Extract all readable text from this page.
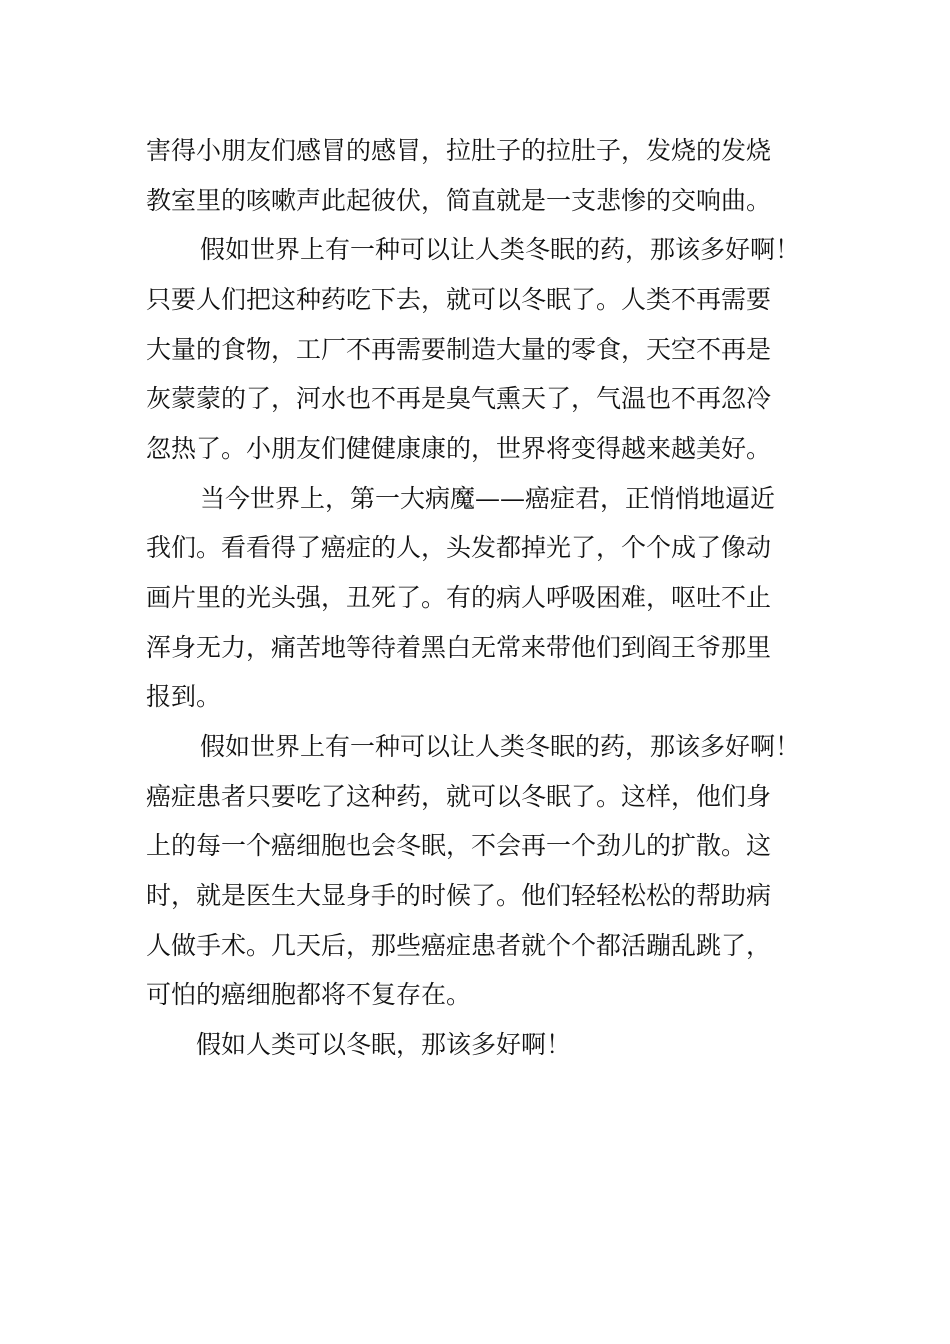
害得小朋友们感冒的感冒，拉肚子的拉肚子，发烧的发烧

教室里的咳嗽声此起彼伏，简直就是一支悲惨的交响曲。

假如世界上有一种可以让人类冬眠的药，那该多好啊！

只要人们把这种药吃下去，就可以冬眠了。人类不再需要

大量的食物，工厂不再需要制造大量的零食，天空不再是

灰蒙蒙的了，河水也不再是臭气熏天了，气温也不再忽冷

忽热了。小朋友们健健康康的，世界将变得越来越美好。

当今世界上，第一大病魔——癌症君，正悄悄地逼近

我们。看看得了癌症的人，头发都掉光了，个个成了像动

画片里的光头强，丑死了。有的病人呼吸困难，呕吐不止

浑身无力，痛苦地等待着黑白无常来带他们到阎王爷那里

报到。

假如世界上有一种可以让人类冬眠的药，那该多好啊！

癌症患者只要吃了这种药，就可以冬眠了。这样，他们身

上的每一个癌细胞也会冬眠，不会再一个劲儿的扩散。这

时，就是医生大显身手的时候了。他们轻轻松松的帮助病

人做手术。几天后，那些癌症患者就个个都活蹦乱跳了，

可怕的癌细胞都将不复存在。

假如人类可以冬眠，那该多好啊！
